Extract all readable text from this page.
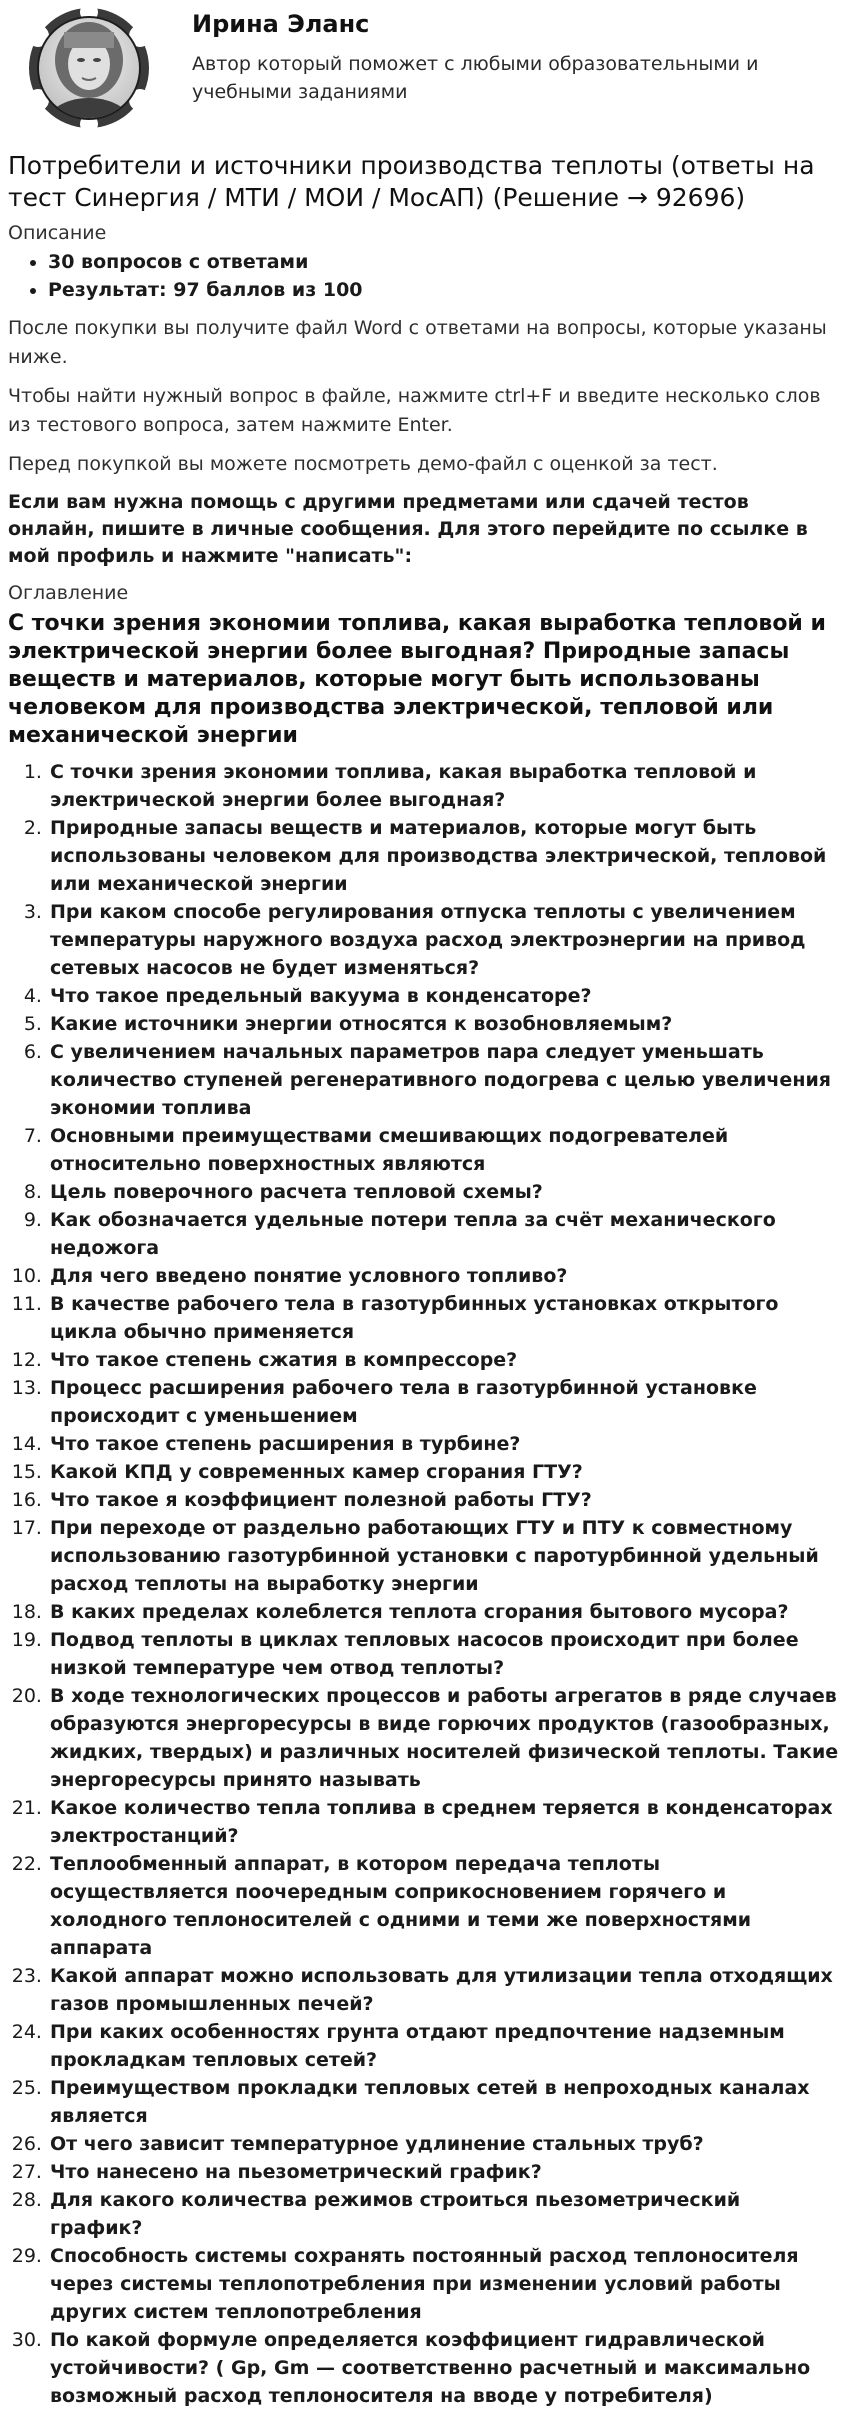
Ирина Эланс
Автор который поможет с любыми образовательными и учебными заданиями
Потребители и источники производства теплоты (ответы на тест Синергия / МТИ / МОИ / МосАП) (Решение → 92696)
Описание
• 30 вопросов с ответами
• Результат: 97 баллов из 100

После покупки вы получите файл Word с ответами на вопросы, которые указаны ниже.

Чтобы найти нужный вопрос в файле, нажмите ctrl+F и введите несколько слов из тестового вопроса, затем нажмите Enter.

Перед покупкой вы можете посмотреть демо-файл с оценкой за тест.

Если вам нужна помощь с другими предметами или сдачей тестов онлайн, пишите в личные сообщения. Для этого перейдите по ссылке в мой профиль и нажмите "написать":

Оглавление
С точки зрения экономии топлива, какая выработка тепловой и электрической энергии более выгодная? Природные запасы веществ и материалов, которые могут быть использованы человеком для производства электрической, тепловой или механической энергии
1. С точки зрения экономии топлива, какая выработка тепловой и электрической энергии более выгодная?
2. Природные запасы веществ и материалов, которые могут быть использованы человеком для производства электрической, тепловой или механической энергии
3. При каком способе регулирования отпуска теплоты с увеличением температуры наружного воздуха расход электроэнергии на привод сетевых насосов не будет изменяться?
4. Что такое предельный вакуума в конденсаторе?
5. Какие источники энергии относятся к возобновляемым?
6. С увеличением начальных параметров пара следует уменьшать количество ступеней регенеративного подогрева с целью увеличения экономии топлива
7. Основными преимуществами смешивающих подогревателей относительно поверхностных являются
8. Цель поверочного расчета тепловой схемы?
9. Как обозначается удельные потери тепла за счёт механического недожога
10. Для чего введено понятие условного топливо?
11. В качестве рабочего тела в газотурбинных установках открытого цикла обычно применяется
12. Что такое степень сжатия в компрессоре?
13. Процесс расширения рабочего тела в газотурбинной установке происходит с уменьшением
14. Что такое степень расширения в турбине?
15. Какой КПД у современных камер сгорания ГТУ?
16. Что такое я коэффициент полезной работы ГТУ?
17. При переходе от раздельно работающих ГТУ и ПТУ к совместному использованию газотурбинной установки с паротурбинной удельный расход теплоты на выработку энергии
18. В каких пределах колеблется теплота сгорания бытового мусора?
19. Подвод теплоты в циклах тепловых насосов происходит при более низкой температуре чем отвод теплоты?
20. В ходе технологических процессов и работы агрегатов в ряде случаев образуются энергоресурсы в виде горючих продуктов (газообразных, жидких, твердых) и различных носителей физической теплоты. Такие энергоресурсы принято называть
21. Какое количество тепла топлива в среднем теряется в конденсаторах электростанций?
22. Теплообменный аппарат, в котором передача теплоты осуществляется поочередным соприкосновением горячего и холодного теплоносителей с одними и теми же поверхностями аппарата
23. Какой аппарат можно использовать для утилизации тепла отходящих газов промышленных печей?
24. При каких особенностях грунта отдают предпочтение надземным прокладкам тепловых сетей?
25. Преимуществом прокладки тепловых сетей в непроходных каналах является
26. От чего зависит температурное удлинение стальных труб?
27. Что нанесено на пьезометрический график?
28. Для какого количества режимов строиться пьезометрический график?
29. Способность системы сохранять постоянный расход теплоносителя через системы теплопотребления при изменении условий работы других систем теплопотребления
30. По какой формуле определяется коэффициент гидравлической устойчивости? ( Gр, Gm — соответственно расчетный и максимально возможный расход теплоносителя на вводе у потребителя)
